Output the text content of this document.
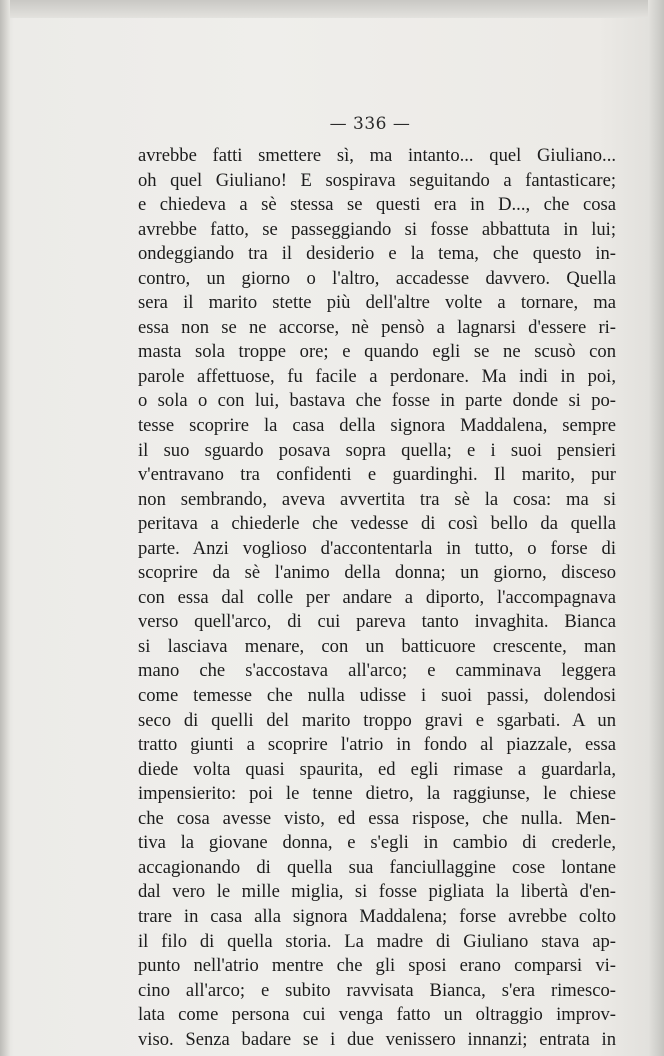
— 336 —
avrebbe fatti smettere sì, ma intanto... quel Giuliano...
oh quel Giuliano! E sospirava seguitando a fantasticare;
e chiedeva a sè stessa se questi era in D..., che cosa
avrebbe fatto, se passeggiando si fosse abbattuta in lui;
ondeggiando tra il desiderio e la tema, che questo in-
contro, un giorno o l'altro, accadesse davvero. Quella
sera il marito stette più dell'altre volte a tornare, ma
essa non se ne accorse, nè pensò a lagnarsi d'essere ri-
masta sola troppe ore; e quando egli se ne scusò con
parole affettuose, fu facile a perdonare. Ma indi in poi,
o sola o con lui, bastava che fosse in parte donde si po-
tesse scoprire la casa della signora Maddalena, sempre
il suo sguardo posava sopra quella; e i suoi pensieri
v'entravano tra confidenti e guardinghi. Il marito, pur
non sembrando, aveva avvertita tra sè la cosa: ma si
peritava a chiederle che vedesse di così bello da quella
parte. Anzi voglioso d'accontentarla in tutto, o forse di
scoprire da sè l'animo della donna; un giorno, disceso
con essa dal colle per andare a diporto, l'accompagnava
verso quell'arco, di cui pareva tanto invaghita. Bianca
si lasciava menare, con un batticuore crescente, man
mano che s'accostava all'arco; e camminava leggera
come temesse che nulla udisse i suoi passi, dolendosi
seco di quelli del marito troppo gravi e sgarbati. A un
tratto giunti a scoprire l'atrio in fondo al piazzale, essa
diede volta quasi spaurita, ed egli rimase a guardarla,
impensierito: poi le tenne dietro, la raggiunse, le chiese
che cosa avesse visto, ed essa rispose, che nulla. Men-
tiva la giovane donna, e s'egli in cambio di crederle,
accagionando di quella sua fanciullaggine cose lontane
dal vero le mille miglia, si fosse pigliata la libertà d'en-
trare in casa alla signora Maddalena; forse avrebbe colto
il filo di quella storia. La madre di Giuliano stava ap-
punto nell'atrio mentre che gli sposi erano comparsi vi-
cino all'arco; e subito ravvisata Bianca, s'era rimesco-
lata come persona cui venga fatto un oltraggio improv-
viso. Senza badare se i due venissero innanzi; entrata in
